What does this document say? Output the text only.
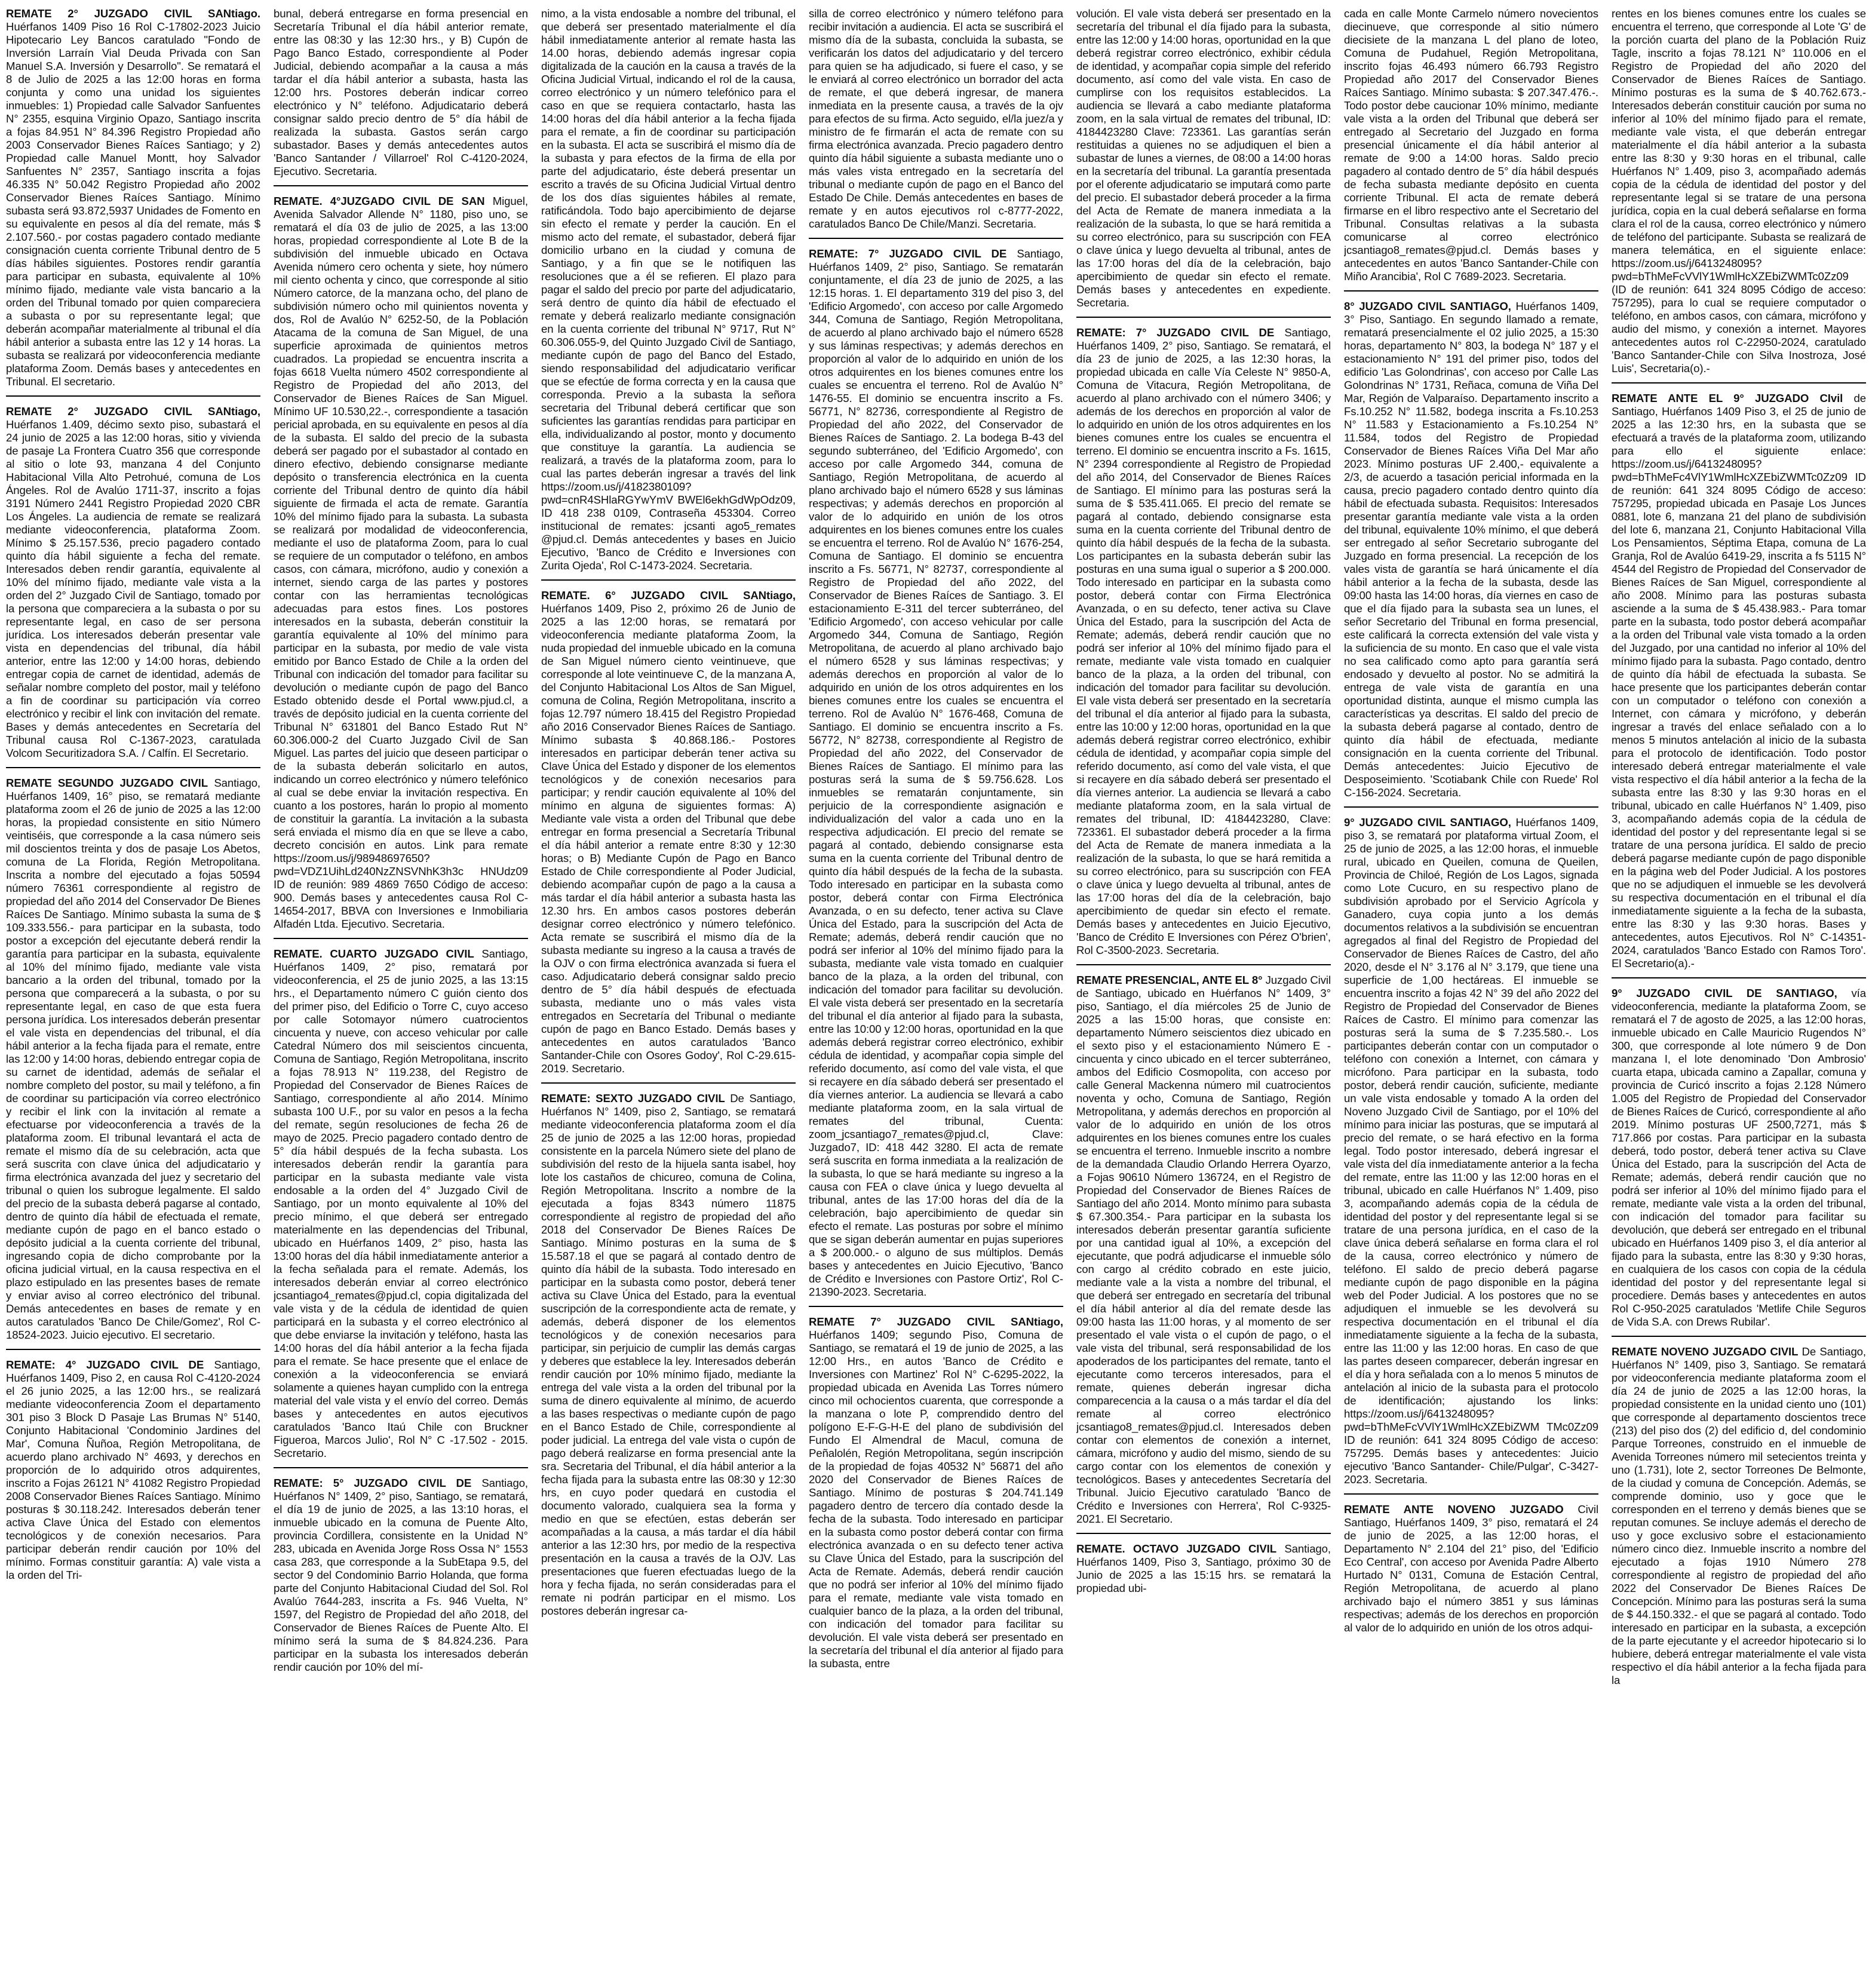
REMATE 2° JUZGADO CIVIL SANtiago. Huérfanos 1409 Piso 16 Rol C-17802-2023 Juicio Hipotecario Ley Bancos caratulado "Fondo de Inversión Larraín Vial Deuda Privada con San Manuel S.A. Inversión y Desarrollo". Se rematará el 8 de Julio de 2025 a las 12:00 horas en forma conjunta y como una unidad los siguientes inmuebles: 1) Propiedad calle Salvador Sanfuentes N° 2355, esquina Virginio Opazo, Santiago inscrita a fojas 84.951 N° 84.396 Registro Propiedad año 2003 Conservador Bienes Raíces Santiago; y 2) Propiedad calle Manuel Montt, hoy Salvador Sanfuentes N° 2357, Santiago inscrita a fojas 46.335 N° 50.042 Registro Propiedad año 2002 Conservador Bienes Raíces Santiago. Mínimo subasta será 93.872,5937 Unidades de Fomento en su equivalente en pesos al día del remate, más $ 2.107.560.- por costas pagadero contado mediante consignación cuenta corriente Tribunal dentro de 5 días hábiles siguientes. Postores rendir garantía para participar en subasta, equivalente al 10% mínimo fijado, mediante vale vista bancario a la orden del Tribunal tomado por quien compareciera a subasta o por su representante legal; que deberán acompañar materialmente al tribunal el día hábil anterior a subasta entre las 12 y 14 horas. La subasta se realizará por videoconferencia mediante plataforma Zoom. Demás bases y antecedentes en Tribunal. El secretario.

REMATE 2° JUZGADO CIVIL SANtiago, Huérfanos 1.409, décimo sexto piso, subastará el 24 junio de 2025 a las 12:00 horas, sitio y vivienda de pasaje La Frontera Cuatro 356 que corresponde al sitio o lote 93, manzana 4 del Conjunto Habitacional Villa Alto Petrohué, comuna de Los Ángeles. Rol de Avalúo 1711-37, inscrito a fojas 3191 Número 2441 Registro Propiedad 2020 CBR Los Ángeles. La audiencia de remate se realizará mediante videoconferencia, plataforma Zoom. Mínimo $ 25.157.536, precio pagadero contado quinto día hábil siguiente a fecha del remate. Interesados deben rendir garantía, equivalente al 10% del mínimo fijado, mediante vale vista a la orden del 2° Juzgado Civil de Santiago, tomado por la persona que compareciera a la subasta o por su representante legal, en caso de ser persona jurídica. Los interesados deberán presentar vale vista en dependencias del tribunal, día hábil anterior, entre las 12:00 y 14:00 horas, debiendo entregar copia de carnet de identidad, además de señalar nombre completo del postor, mail y teléfono a fin de coordinar su participación vía correo electrónico y recibir el link con invitación del remate. Bases y demás antecedentes en Secretaría del Tribunal causa Rol C-1367-2023, caratulada Volcom Securitizadora S.A. / Calfín. El Secretario.

REMATE SEGUNDO JUZGADO CIVIL Santiago, Huérfanos 1409, 16° piso, se rematará mediante plataforma zoom el 26 de junio de 2025 a las 12:00 horas, la propiedad consistente en sitio Número veintiséis, que corresponde a la casa número seis mil doscientos treinta y dos de pasaje Los Abetos, comuna de La Florida, Región Metropolitana. Inscrita a nombre del ejecutado a fojas 50594 número 76361 correspondiente al registro de propiedad del año 2014 del Conservador De Bienes Raíces De Santiago. Mínimo subasta la suma de $ 109.333.556.- para participar en la subasta, todo postor a excepción del ejecutante deberá rendir la garantía para participar en la subasta, equivalente al 10% del mínimo fijado, mediante vale vista bancario a la orden del tribunal, tomado por la persona que comparecerá a la subasta, o por su representante legal, en caso de que esta fuera persona jurídica. Los interesados deberán presentar el vale vista en dependencias del tribunal, el día hábil anterior a la fecha fijada para el remate, entre las 12:00 y 14:00 horas, debiendo entregar copia de su carnet de identidad, además de señalar el nombre completo del postor, su mail y teléfono, a fin de coordinar su participación vía correo electrónico y recibir el link con la invitación al remate a efectuarse por videoconferencia a través de la plataforma zoom. El tribunal levantará el acta de remate el mismo día de su celebración, acta que será suscrita con clave única del adjudicatario y firma electrónica avanzada del juez y secretario del tribunal o quien los subrogue legalmente. El saldo del precio de la subasta deberá pagarse al contado, dentro de quinto día hábil de efectuada el remate, mediante cupón de pago en el banco estado o depósito judicial a la cuenta corriente del tribunal, ingresando copia de dicho comprobante por la oficina judicial virtual, en la causa respectiva en el plazo estipulado en las presentes bases de remate y enviar aviso al correo electrónico del tribunal. Demás antecedentes en bases de remate y en autos caratulados 'Banco De Chile/Gomez', Rol C-18524-2023. Juicio ejecutivo. El secretario.

REMATE: 4° JUZGADO CIVIL DE Santiago, Huérfanos 1409, Piso 2, en causa Rol C-4120-2024 el 26 junio 2025, a las 12:00 hrs., se realizará mediante videoconferencia Zoom el departamento 301 piso 3 Block D Pasaje Las Brumas N° 5140, Conjunto Habitacional 'Condominio Jardines del Mar', Comuna Ñuñoa, Región Metropolitana, de acuerdo plano archivado N° 4693, y derechos en proporción de lo adquirido otros adquirentes, inscrito a Fojas 26121 N° 41082 Registro Propiedad 2008 Conservador Bienes Raíces Santiago. Mínimo posturas $ 30.118.242. Interesados deberán tener activa Clave Única del Estado con elementos tecnológicos y de conexión necesarios. Para participar deberán rendir caución por 10% del mínimo. Formas constituir garantía: A) vale vista a la orden del Tri-

bunal, deberá entregarse en forma presencial en Secretaría Tribunal el día hábil anterior remate, entre las 08:30 y las 12:30 hrs., y B) Cupón de Pago Banco Estado, correspondiente al Poder Judicial, debiendo acompañar a la causa a más tardar el día hábil anterior a subasta, hasta las 12:00 hrs. Postores deberán indicar correo electrónico y N° teléfono. Adjudicatario deberá consignar saldo precio dentro de 5° día hábil de realizada la subasta. Gastos serán cargo subastador. Bases y demás antecedentes autos 'Banco Santander / Villarroel' Rol C-4120-2024, Ejecutivo. Secretaria.

REMATE. 4°JUZGADO CIVIL DE SAN Miguel, Avenida Salvador Allende N° 1180, piso uno, se rematará el día 03 de julio de 2025, a las 13:00 horas, propiedad correspondiente al Lote B de la subdivisión del inmueble ubicado en Octava Avenida número cero ochenta y siete, hoy número mil ciento ochenta y cinco, que corresponde al sitio Número catorce, de la manzana ocho, del plano de subdivisión número ocho mil quinientos noventa y dos, Rol de Avalúo N° 6252-50, de la Población Atacama de la comuna de San Miguel, de una superficie aproximada de quinientos metros cuadrados. La propiedad se encuentra inscrita a fojas 6618 Vuelta número 4502 correspondiente al Registro de Propiedad del año 2013, del Conservador de Bienes Raíces de San Miguel. Mínimo UF 10.530,22.-, correspondiente a tasación pericial aprobada, en su equivalente en pesos al día de la subasta. El saldo del precio de la subasta deberá ser pagado por el subastador al contado en dinero efectivo, debiendo consignarse mediante depósito o transferencia electrónica en la cuenta corriente del Tribunal dentro de quinto día hábil siguiente de firmada el acta de remate. Garantía 10% del mínimo fijado para la subasta. La subasta se realizará por modalidad de videoconferencia, mediante el uso de plataforma Zoom, para lo cual se requiere de un computador o teléfono, en ambos casos, con cámara, micrófono, audio y conexión a internet, siendo carga de las partes y postores contar con las herramientas tecnológicas adecuadas para estos fines. Los postores interesados en la subasta, deberán constituir la garantía equivalente al 10% del mínimo para participar en la subasta, por medio de vale vista emitido por Banco Estado de Chile a la orden del Tribunal con indicación del tomador para facilitar su devolución o mediante cupón de pago del Banco Estado obtenido desde el Portal www.pjud.cl, a través de depósito judicial en la cuenta corriente del Tribunal N° 631801 del Banco Estado Rut N° 60.306.000-2 del Cuarto Juzgado Civil de San Miguel. Las partes del juicio que deseen participar o de la subasta deberán solicitarlo en autos, indicando un correo electrónico y número telefónico al cual se debe enviar la invitación respectiva. En cuanto a los postores, harán lo propio al momento de constituir la garantía. La invitación a la subasta será enviada el mismo día en que se lleve a cabo, decreto concisión en autos. Link para remate https://zoom.us/j/98948697650?pwd=VDZ1UihLd240NzZNSVNhK3h3c HNUdz09 ID de reunión: 989 4869 7650 Código de acceso: 900. Demás bases y antecedentes causa Rol C-14654-2017, BBVA con Inversiones e Inmobiliaria Alfadén Ltda. Ejecutivo. Secretaria.

REMATE. CUARTO JUZGADO CIVIL Santiago, Huérfanos 1409, 2° piso, rematará por videoconferencia, el 25 de junio 2025, a las 13:15 hrs., el Departamento número C guión ciento dos del primer piso, del Edificio o Torre C, cuyo acceso por calle Sotomayor número cuatrocientos cincuenta y nueve, con acceso vehicular por calle Catedral Número dos mil seiscientos cincuenta, Comuna de Santiago, Región Metropolitana, inscrito a fojas 78.913 N° 119.238, del Registro de Propiedad del Conservador de Bienes Raíces de Santiago, correspondiente al año 2014. Mínimo subasta 100 U.F., por su valor en pesos a la fecha del remate, según resoluciones de fecha 26 de mayo de 2025. Precio pagadero contado dentro de 5° día hábil después de la fecha subasta. Los interesados deberán rendir la garantía para participar en la subasta mediante vale vista endosable a la orden del 4° Juzgado Civil de Santiago, por un monto equivalente al 10% del precio mínimo, el que deberá ser entregado materialmente en las dependencias del Tribunal, ubicado en Huérfanos 1409, 2° piso, hasta las 13:00 horas del día hábil inmediatamente anterior a la fecha señalada para el remate. Además, los interesados deberán enviar al correo electrónico jcsantiago4_remates@pjud.cl, copia digitalizada del vale vista y de la cédula de identidad de quien participará en la subasta y el correo electrónico al que debe enviarse la invitación y teléfono, hasta las 14:00 horas del día hábil anterior a la fecha fijada para el remate. Se hace presente que el enlace de conexión a la videoconferencia se enviará solamente a quienes hayan cumplido con la entrega material del vale vista y el envío del correo. Demás bases y antecedentes en autos ejecutivos caratulados 'Banco Itaú Chile con Bruckner Figueroa, Marcos Julio', Rol N° C -17.502 - 2015. Secretario.

REMATE: 5° JUZGADO CIVIL DE Santiago, Huérfanos N° 1409, 2° piso, Santiago, se rematará, el día 19 de junio de 2025, a las 13:10 horas, el inmueble ubicado en la comuna de Puente Alto, provincia Cordillera, consistente en la Unidad N° 283, ubicada en Avenida Jorge Ross Ossa N° 1553 casa 283, que corresponde a la SubEtapa 9.5, del sector 9 del Condominio Barrio Holanda, que forma parte del Conjunto Habitacional Ciudad del Sol. Rol Avalúo 7644-283, inscrita a Fs. 946 Vuelta, N° 1597, del Registro de Propiedad del año 2018, del Conservador de Bienes Raíces de Puente Alto. El mínimo será la suma de $ 84.824.236. Para participar en la subasta los interesados deberán rendir caución por 10% del mí-

nimo, a la vista endosable a nombre del tribunal, el que deberá ser presentado materialmente el día hábil inmediatamente anterior al remate hasta las 14.00 horas, debiendo además ingresar copia digitalizada de la caución en la causa a través de la Oficina Judicial Virtual, indicando el rol de la causa, correo electrónico y un número telefónico para el caso en que se requiera contactarlo, hasta las 14:00 horas del día hábil anterior a la fecha fijada para el remate, a fin de coordinar su participación en la subasta. El acta se suscribirá el mismo día de la subasta y para efectos de la firma de ella por parte del adjudicatario, éste deberá presentar un escrito a través de su Oficina Judicial Virtual dentro de los dos días siguientes hábiles al remate, ratificándola. Todo bajo apercibimiento de dejarse sin efecto el remate y perder la caución. En el mismo acto del remate, el subastador, deberá fijar domicilio urbano en la ciudad y comuna de Santiago, y a fin que se le notifiquen las resoluciones que a él se refieren. El plazo para pagar el saldo del precio por parte del adjudicatario, será dentro de quinto día hábil de efectuado el remate y deberá realizarlo mediante consignación en la cuenta corriente del tribunal N° 9717, Rut N° 60.306.055-9, del Quinto Juzgado Civil de Santiago, mediante cupón de pago del Banco del Estado, siendo responsabilidad del adjudicatario verificar que se efectúe de forma correcta y en la causa que corresponda. Previo a la subasta la señora secretaria del Tribunal deberá certificar que son suficientes las garantías rendidas para participar en ella, individualizando al postor, monto y documento que constituye la garantía. La audiencia se realizará, a través de la plataforma zoom, para lo cual las partes deberán ingresar a través del link https://zoom.us/j/4182380109?pwd=cnR4SHlaRGYwYmV BWEl6ekhGdWpOdz09, ID 418 238 0109, Contraseña 453304. Correo institucional de remates: jcsanti ago5_remates @pjud.cl. Demás antecedentes y bases en Juicio Ejecutivo, 'Banco de Crédito e Inversiones con Zurita Ojeda', Rol C-1473-2024. Secretaria.

REMATE. 6° JUZGADO CIVIL SANtiago, Huérfanos 1409, Piso 2, próximo 26 de Junio de 2025 a las 12:00 horas, se rematará por videoconferencia mediante plataforma Zoom, la nuda propiedad del inmueble ubicado en la comuna de San Miguel número ciento veintinueve, que corresponde al lote veintinueve C, de la manzana A, del Conjunto Habitacional Los Altos de San Miguel, comuna de Colina, Región Metropolitana, inscrito a fojas 12.797 número 18.415 del Registro Propiedad año 2016 Conservador Bienes Raíces de Santiago. Mínimo subasta $ 40.868.186.- Postores interesados en participar deberán tener activa su Clave Única del Estado y disponer de los elementos tecnológicos y de conexión necesarios para participar; y rendir caución equivalente al 10% del mínimo en alguna de siguientes formas: A) Mediante vale vista a orden del Tribunal que debe entregar en forma presencial a Secretaría Tribunal el día hábil anterior a remate entre 8:30 y 12:30 horas; o B) Mediante Cupón de Pago en Banco Estado de Chile correspondiente al Poder Judicial, debiendo acompañar cupón de pago a la causa a más tardar el día hábil anterior a subasta hasta las 12.30 hrs. En ambos casos postores deberán designar correo electrónico y número telefónico. Acta remate se suscribirá el mismo día de la subasta mediante su ingreso a la causa a través de la OJV o con firma electrónica avanzada si fuera el caso. Adjudicatario deberá consignar saldo precio dentro de 5° día hábil después de efectuada subasta, mediante uno o más vales vista entregados en Secretaría del Tribunal o mediante cupón de pago en Banco Estado. Demás bases y antecedentes en autos caratulados 'Banco Santander-Chile con Osores Godoy', Rol C-29.615-2019. Secretario.

REMATE: SEXTO JUZGADO CIVIL De Santiago, Huérfanos N° 1409, piso 2, Santiago, se rematará mediante videoconferencia plataforma zoom el día 25 de junio de 2025 a las 12:00 horas, propiedad consistente en la parcela Número siete del plano de subdivisión del resto de la hijuela santa isabel, hoy lote los castaños de chicureo, comuna de Colina, Región Metropolitana. Inscrito a nombre de la ejecutada a fojas 8343 número 11875 correspondiente al registro de propiedad del año 2018 del Conservador De Bienes Raíces De Santiago. Mínimo posturas en la suma de $ 15.587.18 el que se pagará al contado dentro de quinto día hábil de la subasta. Todo interesado en participar en la subasta como postor, deberá tener activa su Clave Única del Estado, para la eventual suscripción de la correspondiente acta de remate, y además, deberá disponer de los elementos tecnológicos y de conexión necesarios para participar, sin perjuicio de cumplir las demás cargas y deberes que establece la ley. Interesados deberán rendir caución por 10% mínimo fijado, mediante la entrega del vale vista a la orden del tribunal por la suma de dinero equivalente al mínimo, de acuerdo a las bases respectivas o mediante cupón de pago en el Banco Estado de Chile, correspondiente al poder judicial. La entrega del vale vista o cupón de pago deberá realizarse en forma presencial ante la sra. Secretaria del Tribunal, el día hábil anterior a la fecha fijada para la subasta entre las 08:30 y 12:30 hrs, en cuyo poder quedará en custodia el documento valorado, cualquiera sea la forma y medio en que se efectúen, estas deberán ser acompañadas a la causa, a más tardar el día hábil anterior a las 12:30 hrs, por medio de la respectiva presentación en la causa a través de la OJV. Las presentaciones que fueren efectuadas luego de la hora y fecha fijada, no serán consideradas para el remate ni podrán participar en el mismo. Los postores deberán ingresar ca-

silla de correo electrónico y número teléfono para recibir invitación a audiencia. El acta se suscribirá el mismo día de la subasta, concluida la subasta, se verificarán los datos del adjudicatario y del tercero para quien se ha adjudicado, si fuere el caso, y se le enviará al correo electrónico un borrador del acta de remate, el que deberá ingresar, de manera inmediata en la presente causa, a través de la ojv para efectos de su firma. Acto seguido, el/la juez/a y ministro de fe firmarán el acta de remate con su firma electrónica avanzada. Precio pagadero dentro quinto día hábil siguiente a subasta mediante uno o más vales vista entregado en la secretaría del tribunal o mediante cupón de pago en el Banco del Estado De Chile. Demás antecedentes en bases de remate y en autos ejecutivos rol c-8777-2022, caratulados Banco De Chile/Manzi. Secretaria.

REMATE: 7° JUZGADO CIVIL DE Santiago, Huérfanos 1409, 2° piso, Santiago. Se rematarán conjuntamente, el día 23 de junio de 2025, a las 12:15 horas. 1. El departamento 319 del piso 3, del 'Edificio Argomedo', con acceso por calle Argomedo 344, Comuna de Santiago, Región Metropolitana, de acuerdo al plano archivado bajo el número 6528 y sus láminas respectivas; y además derechos en proporción al valor de lo adquirido en unión de los otros adquirentes en los bienes comunes entre los cuales se encuentra el terreno. Rol de Avalúo N° 1476-55. El dominio se encuentra inscrito a Fs. 56771, N° 82736, correspondiente al Registro de Propiedad del año 2022, del Conservador de Bienes Raíces de Santiago. 2. La bodega B-43 del segundo subterráneo, del 'Edificio Argomedo', con acceso por calle Argomedo 344, comuna de Santiago, Región Metropolitana, de acuerdo al plano archivado bajo el número 6528 y sus láminas respectivas; y además derechos en proporción al valor de lo adquirido en unión de los otros adquirentes en los bienes comunes entre los cuales se encuentra el terreno. Rol de Avalúo N° 1676-254, Comuna de Santiago. El dominio se encuentra inscrito a Fs. 56771, N° 82737, correspondiente al Registro de Propiedad del año 2022, del Conservador de Bienes Raíces de Santiago. 3. El estacionamiento E-311 del tercer subterráneo, del 'Edificio Argomedo', con acceso vehicular por calle Argomedo 344, Comuna de Santiago, Región Metropolitana, de acuerdo al plano archivado bajo el número 6528 y sus láminas respectivas; y además derechos en proporción al valor de lo adquirido en unión de los otros adquirentes en los bienes comunes entre los cuales se encuentra el terreno. Rol de Avalúo N° 1676-468, Comuna de Santiago. El dominio se encuentra inscrito a Fs. 56772, N° 82738, correspondiente al Registro de Propiedad del año 2022, del Conservador de Bienes Raíces de Santiago. El mínimo para las posturas será la suma de $ 59.756.628. Los inmuebles se rematarán conjuntamente, sin perjuicio de la correspondiente asignación e individualización del valor a cada uno en la respectiva adjudicación. El precio del remate se pagará al contado, debiendo consignarse esta suma en la cuenta corriente del Tribunal dentro de quinto día hábil después de la fecha de la subasta. Todo interesado en participar en la subasta como postor, deberá contar con Firma Electrónica Avanzada, o en su defecto, tener activa su Clave Única del Estado, para la suscripción del Acta de Remate; además, deberá rendir caución que no podrá ser inferior al 10% del mínimo fijado para la subasta, mediante vale vista tomado en cualquier banco de la plaza, a la orden del tribunal, con indicación del tomador para facilitar su devolución. El vale vista deberá ser presentado en la secretaría del tribunal el día anterior al fijado para la subasta, entre las 10:00 y 12:00 horas, oportunidad en la que además deberá registrar correo electrónico, exhibir cédula de identidad, y acompañar copia simple del referido documento, así como del vale vista, el que si recayere en día sábado deberá ser presentado el día viernes anterior. La audiencia se llevará a cabo mediante plataforma zoom, en la sala virtual de remates del tribunal, Cuenta: zoom_jcsantiago7_remates@pjud.cl, Clave: Juzgado7, ID: 418 442 3280. El acta de remate será suscrita en forma inmediata a la realización de la subasta, lo que se hará mediante su ingreso a la causa con FEA o clave única y luego devuelta al tribunal, antes de las 17:00 horas del día de la celebración, bajo apercibimiento de quedar sin efecto el remate. Las posturas por sobre el mínimo que se sigan deberán aumentar en pujas superiores a $ 200.000.- o alguno de sus múltiplos. Demás bases y antecedentes en Juicio Ejecutivo, 'Banco de Crédito e Inversiones con Pastore Ortiz', Rol C-21390-2023. Secretaria.

REMATE 7° JUZGADO CIVIL SANtiago, Huérfanos 1409; segundo Piso, Comuna de Santiago, se rematará el 19 de junio de 2025, a las 12:00 Hrs., en autos 'Banco de Crédito e Inversiones con Martinez' Rol N° C-6295-2022, la propiedad ubicada en Avenida Las Torres número cinco mil ochocientos cuarenta, que corresponde a la manzana o lote P, comprendido dentro del polígono E-F-G-H-E del plano de subdivisión del Fundo El Almendral de Macul, comuna de Peñalolén, Región Metropolitana, según inscripción de la propiedad de fojas 40532 N° 56871 del año 2020 del Conservador de Bienes Raíces de Santiago. Mínimo de posturas $ 204.741.149 pagadero dentro de tercero día contado desde la fecha de la subasta. Todo interesado en participar en la subasta como postor deberá contar con firma electrónica avanzada o en su defecto tener activa su Clave Única del Estado, para la suscripción del Acta de Remate. Además, deberá rendir caución que no podrá ser inferior al 10% del mínimo fijado para el remate, mediante vale vista tomado en cualquier banco de la plaza, a la orden del tribunal, con indicación del tomador para facilitar su devolución. El vale vista deberá ser presentado en la secretaría del tribunal el día anterior al fijado para la subasta, entre

volución. El vale vista deberá ser presentado en la secretaría del tribunal el día fijado para la subasta, entre las 12:00 y 14:00 horas, oportunidad en la que deberá registrar correo electrónico, exhibir cédula de identidad, y acompañar copia simple del referido documento, así como del vale vista. En caso de cumplirse con los requisitos establecidos. La audiencia se llevará a cabo mediante plataforma zoom, en la sala virtual de remates del tribunal, ID: 4184423280 Clave: 723361. Las garantías serán restituidas a quienes no se adjudiquen el bien a subastar de lunes a viernes, de 08:00 a 14:00 horas en la secretaría del tribunal. La garantía presentada por el oferente adjudicatario se imputará como parte del precio. El subastador deberá proceder a la firma del Acta de Remate de manera inmediata a la realización de la subasta, lo que se hará remitida a su correo electrónico, para su suscripción con FEA o clave única y luego devuelta al tribunal, antes de las 17:00 horas del día de la celebración, bajo apercibimiento de quedar sin efecto el remate. Demás bases y antecedentes en expediente. Secretaria.

REMATE: 7° JUZGADO CIVIL DE Santiago, Huérfanos 1409, 2° piso, Santiago. Se rematará, el día 23 de junio de 2025, a las 12:30 horas, la propiedad ubicada en calle Vía Celeste N° 9850-A, Comuna de Vitacura, Región Metropolitana, de acuerdo al plano archivado con el número 3406; y además de los derechos en proporción al valor de lo adquirido en unión de los otros adquirentes en los bienes comunes entre los cuales se encuentra el terreno. El dominio se encuentra inscrito a Fs. 1615, N° 2394 correspondiente al Registro de Propiedad del año 2014, del Conservador de Bienes Raíces de Santiago. El mínimo para las posturas será la suma de $ 535.411.065. El precio del remate se pagará al contado, debiendo consignarse esta suma en la cuenta corriente del Tribunal dentro de quinto día hábil después de la fecha de la subasta. Los participantes en la subasta deberán subir las posturas en una suma igual o superior a $ 200.000. Todo interesado en participar en la subasta como postor, deberá contar con Firma Electrónica Avanzada, o en su defecto, tener activa su Clave Única del Estado, para la suscripción del Acta de Remate; además, deberá rendir caución que no podrá ser inferior al 10% del mínimo fijado para el remate, mediante vale vista tomado en cualquier banco de la plaza, a la orden del tribunal, con indicación del tomador para facilitar su devolución. El vale vista deberá ser presentado en la secretaría del tribunal el día anterior al fijado para la subasta, entre las 10:00 y 12:00 horas, oportunidad en la que además deberá registrar correo electrónico, exhibir cédula de identidad, y acompañar copia simple del referido documento, así como del vale vista, el que si recayere en día sábado deberá ser presentado el día viernes anterior. La audiencia se llevará a cabo mediante plataforma zoom, en la sala virtual de remates del tribunal, ID: 4184423280, Clave: 723361. El subastador deberá proceder a la firma del Acta de Remate de manera inmediata a la realización de la subasta, lo que se hará remitida a su correo electrónico, para su suscripción con FEA o clave única y luego devuelta al tribunal, antes de las 17:00 horas del día de la celebración, bajo apercibimiento de quedar sin efecto el remate. Demás bases y antecedentes en Juicio Ejecutivo, 'Banco de Crédito E Inversiones con Pérez O'brien', Rol C-3500-2023. Secretaria.

REMATE PRESENCIAL, ANTE EL 8° Juzgado Civil de Santiago, ubicado en Huérfanos N° 1409, 3° piso, Santiago, el día miércoles 25 de Junio de 2025 a las 15:00 horas, que consiste en: departamento Número seiscientos diez ubicado en el sexto piso y el estacionamiento Número E - cincuenta y cinco ubicado en el tercer subterráneo, ambos del Edificio Cosmopolita, con acceso por calle General Mackenna número mil cuatrocientos noventa y ocho, Comuna de Santiago, Región Metropolitana, y además derechos en proporción al valor de lo adquirido en unión de los otros adquirentes en los bienes comunes entre los cuales se encuentra el terreno. Inmueble inscrito a nombre de la demandada Claudio Orlando Herrera Oyarzo, a Fojas 90610 Número 136724, en el Registro de Propiedad del Conservador de Bienes Raíces de Santiago del año 2014. Monto mínimo para subasta $ 67.300.354.- Para participar en la subasta los interesados deberán presentar garantía suficiente por una cantidad igual al 10%, a excepción del ejecutante, que podrá adjudicarse el inmueble sólo con cargo al crédito cobrado en este juicio, mediante vale a la vista a nombre del tribunal, el que deberá ser entregado en secretaría del tribunal el día hábil anterior al día del remate desde las 09:00 hasta las 11:00 horas, y al momento de ser presentado el vale vista o el cupón de pago, o el vale vista del tribunal, será responsabilidad de los apoderados de los participantes del remate, tanto el ejecutante como terceros interesados, para el remate, quienes deberán ingresar dicha comparecencia a la causa o a más tardar el día del remate al correo electrónico jcsantiago8_remates@pjud.cl. Interesados deben contar con elementos de conexión a internet, cámara, micrófono y audio del mismo, siendo de su cargo contar con los elementos de conexión y tecnológicos. Bases y antecedentes Secretaría del Tribunal. Juicio Ejecutivo caratulado 'Banco de Crédito e Inversiones con Herrera', Rol C-9325-2021. El Secretario.

REMATE. OCTAVO JUZGADO CIVIL Santiago, Huérfanos 1409, Piso 3, Santiago, próximo 30 de Junio de 2025 a las 15:15 hrs. se rematará la propiedad ubi-

cada en calle Monte Carmelo número novecientos diecinueve, que corresponde al sitio número diecisiete de la manzana L del plano de loteo, Comuna de Pudahuel, Región Metropolitana, inscrito fojas 46.493 número 66.793 Registro Propiedad año 2017 del Conservador Bienes Raíces Santiago. Mínimo subasta: $ 207.347.476.-. Todo postor debe caucionar 10% mínimo, mediante vale vista a la orden del Tribunal que deberá ser entregado al Secretario del Juzgado en forma presencial únicamente el día hábil anterior al remate de 9:00 a 14:00 horas. Saldo precio pagadero al contado dentro de 5° día hábil después de fecha subasta mediante depósito en cuenta corriente Tribunal. El acta de remate deberá firmarse en el libro respectivo ante el Secretario del Tribunal. Consultas relativas a la subasta comunicarse al correo electrónico jcsantiago8_remates@pjud.cl. Demás bases y antecedentes en autos 'Banco Santander-Chile con Miño Arancibia', Rol C 7689-2023. Secretaria.

8° JUZGADO CIVIL SANTIAGO, Huérfanos 1409, 3° Piso, Santiago. En segundo llamado a remate, rematará presencialmente el 02 julio 2025, a 15:30 horas, departamento N° 803, la bodega N° 187 y el estacionamiento N° 191 del primer piso, todos del edificio 'Las Golondrinas', con acceso por Calle Las Golondrinas N° 1731, Reñaca, comuna de Viña Del Mar, Región de Valparaíso. Departamento inscrito a Fs.10.252 N° 11.582, bodega inscrita a Fs.10.253 N° 11.583 y Estacionamiento a Fs.10.254 N° 11.584, todos del Registro de Propiedad Conservador de Bienes Raíces Viña Del Mar año 2023. Mínimo posturas UF 2.400,- equivalente a 2/3, de acuerdo a tasación pericial informada en la causa, precio pagadero contado dentro quinto día hábil de efectuada subasta. Requisitos: Interesados presentar garantía mediante vale vista a la orden del tribunal, equivalente 10% mínimo, el que deberá ser entregado al señor Secretario subrogante del Juzgado en forma presencial. La recepción de los vales vista de garantía se hará únicamente el día hábil anterior a la fecha de la subasta, desde las 09:00 hasta las 14:00 horas, día viernes en caso de que el día fijado para la subasta sea un lunes, el señor Secretario del Tribunal en forma presencial, este calificará la correcta extensión del vale vista y la suficiencia de su monto. En caso que el vale vista no sea calificado como apto para garantía será endosado y devuelto al postor. No se admitirá la entrega de vale vista de garantía en una oportunidad distinta, aunque el mismo cumpla las características ya descritas. El saldo del precio de la subasta deberá pagarse al contado, dentro de quinto día hábil de efectuada, mediante consignación en la cuenta corriente del Tribunal. Demás antecedentes: Juicio Ejecutivo de Desposeimiento. 'Scotiabank Chile con Ruede' Rol C-156-2024. Secretaria.

9° JUZGADO CIVIL SANTIAGO, Huérfanos 1409, piso 3, se rematará por plataforma virtual Zoom, el 25 de junio de 2025, a las 12:00 horas, el inmueble rural, ubicado en Queilen, comuna de Queilen, Provincia de Chiloé, Región de Los Lagos, signada como Lote Cucuro, en su respectivo plano de subdivisión aprobado por el Servicio Agrícola y Ganadero, cuya copia junto a los demás documentos relativos a la subdivisión se encuentran agregados al final del Registro de Propiedad del Conservador de Bienes Raíces de Castro, del año 2020, desde el N° 3.176 al N° 3.179, que tiene una superficie de 1,00 hectáreas. El inmueble se encuentra inscrito a fojas 42 N° 39 del año 2022 del Registro de Propiedad del Conservador de Bienes Raíces de Castro. El mínimo para comenzar las posturas será la suma de $ 7.235.580.-. Los participantes deberán contar con un computador o teléfono con conexión a Internet, con cámara y micrófono. Para participar en la subasta, todo postor, deberá rendir caución, suficiente, mediante un vale vista endosable y tomado A la orden del Noveno Juzgado Civil de Santiago, por el 10% del mínimo para iniciar las posturas, que se imputará al precio del remate, o se hará efectivo en la forma legal. Todo postor interesado, deberá ingresar el vale vista del día inmediatamente anterior a la fecha del remate, entre las 11:00 y las 12:00 horas en el tribunal, ubicado en calle Huérfanos N° 1.409, piso 3, acompañando además copia de la cédula de identidad del postor y del representante legal si se tratare de una persona jurídica, en el caso de la clave única deberá señalarse en forma clara el rol de la causa, correo electrónico y número de teléfono. El saldo de precio deberá pagarse mediante cupón de pago disponible en la página web del Poder Judicial. A los postores que no se adjudiquen el inmueble se les devolverá su respectiva documentación en el tribunal el día inmediatamente siguiente a la fecha de la subasta, entre las 11:00 y las 12:00 horas. En caso de que las partes deseen comparecer, deberán ingresar en el día y hora señalada con a lo menos 5 minutos de antelación al inicio de la subasta para el protocolo de identificación; ajustando los links: https://zoom.us/j/6413248095?pwd=bThMeFcVVlY1WmlHcXZEbiZWM TMc0Zz09 ID de reunión: 641 324 8095 Código de acceso: 757295. Demás bases y antecedentes: Juicio ejecutivo 'Banco Santander- Chile/Pulgar', C-3427-2023. Secretaria.

REMATE ANTE NOVENO JUZGADO Civil Santiago, Huérfanos 1409, 3° piso, rematará el 24 de junio de 2025, a las 12:00 horas, el Departamento N° 2.104 del 21° piso, del 'Edificio Eco Central', con acceso por Avenida Padre Alberto Hurtado N° 0131, Comuna de Estación Central, Región Metropolitana, de acuerdo al plano archivado bajo el número 3851 y sus láminas respectivas; además de los derechos en proporción al valor de lo adquirido en unión de los otros adqui-

rentes en los bienes comunes entre los cuales se encuentra el terreno, que corresponde al Lote 'G' de la porción cuarta del plano de la Población Ruiz Tagle, inscrito a fojas 78.121 N° 110.006 en el Registro de Propiedad del año 2020 del Conservador de Bienes Raíces de Santiago. Mínimo posturas es la suma de $ 40.762.673.- Interesados deberán constituir caución por suma no inferior al 10% del mínimo fijado para el remate, mediante vale vista, el que deberán entregar materialmente el día hábil anterior a la subasta entre las 8:30 y 9:30 horas en el tribunal, calle Huérfanos N° 1.409, piso 3, acompañado además copia de la cédula de identidad del postor y del representante legal si se tratare de una persona jurídica, copia en la cual deberá señalarse en forma clara el rol de la causa, correo electrónico y número de teléfono del participante. Subasta se realizará de manera telemática, en el siguiente enlace: https://zoom.us/j/6413248095?pwd=bThMeFcVVlY1WmlHcXZEbiZWMTc0Zz09 (ID de reunión: 641 324 8095 Código de acceso: 757295), para lo cual se requiere computador o teléfono, en ambos casos, con cámara, micrófono y audio del mismo, y conexión a internet. Mayores antecedentes autos rol C-22950-2024, caratulado 'Banco Santander-Chile con Silva Inostroza, José Luis', Secretaria(o).-

REMATE ANTE EL 9° JUZGADO CIvil de Santiago, Huérfanos 1409 Piso 3, el 25 de junio de 2025 a las 12:30 hrs, en la subasta que se efectuará a través de la plataforma zoom, utilizando para ello el siguiente enlace: https://zoom.us/j/6413248095?pwd=bThMeFc4VlY1WmlHcXZEbiZWMTc0Zz09 ID de reunión: 641 324 8095 Código de acceso: 757295, propiedad ubicada en Pasaje Los Junces 0881, lote 6, manzana 21 del plano de subdivisión del lote 6, manzana 21, Conjunto Habitacional Villa Los Pensamientos, Séptima Etapa, comuna de La Granja, Rol de Avalúo 6419-29, inscrita a fs 5115 N° 4544 del Registro de Propiedad del Conservador de Bienes Raíces de San Miguel, correspondiente al año 2008. Mínimo para las posturas subasta asciende a la suma de $ 45.438.983.- Para tomar parte en la subasta, todo postor deberá acompañar a la orden del Tribunal vale vista tomado a la orden del Juzgado, por una cantidad no inferior al 10% del mínimo fijado para la subasta. Pago contado, dentro de quinto día hábil de efectuada la subasta. Se hace presente que los participantes deberán contar con un computador o teléfono con conexión a Internet, con cámara y micrófono, y deberán ingresar a través del enlace señalado con a lo menos 5 minutos antelación al inicio de la subasta para el protocolo de identificación. Todo postor interesado deberá entregar materialmente el vale vista respectivo el día hábil anterior a la fecha de la subasta entre las 8:30 y las 9:30 horas en el tribunal, ubicado en calle Huérfanos N° 1.409, piso 3, acompañando además copia de la cédula de identidad del postor y del representante legal si se tratare de una persona jurídica. El saldo de precio deberá pagarse mediante cupón de pago disponible en la página web del Poder Judicial. A los postores que no se adjudiquen el inmueble se les devolverá su respectiva documentación en el tribunal el día inmediatamente siguiente a la fecha de la subasta, entre las 8:30 y las 9:30 horas. Bases y antecedentes, autos Ejecutivos. Rol N° C-14351-2024, caratulados 'Banco Estado con Ramos Toro'. El Secretario(a).-

9° JUZGADO CIVIL DE SANTIAGO, vía videoconferencia, mediante la plataforma Zoom, se rematará el 7 de agosto de 2025, a las 12:00 horas, inmueble ubicado en Calle Mauricio Rugendos N° 300, que corresponde al lote número 9 de Don manzana I, el lote denominado 'Don Ambrosio' cuarta etapa, ubicada camino a Zapallar, comuna y provincia de Curicó inscrito a fojas 2.128 Número 1.005 del Registro de Propiedad del Conservador de Bienes Raíces de Curicó, correspondiente al año 2019. Mínimo posturas UF 2500,7271, más $ 717.866 por costas. Para participar en la subasta deberá, todo postor, deberá tener activa su Clave Única del Estado, para la suscripción del Acta de Remate; además, deberá rendir caución que no podrá ser inferior al 10% del mínimo fijado para el remate, mediante vale vista a la orden del tribunal, con indicación del tomador para facilitar su devolución, que deberá ser entregado en el tribunal ubicado en Huérfanos 1409 piso 3, el día anterior al fijado para la subasta, entre las 8:30 y 9:30 horas, en cualquiera de los casos con copia de la cédula identidad del postor y del representante legal si procediere. Demás bases y antecedentes en autos Rol C-950-2025 caratulados 'Metlife Chile Seguros de Vida S.A. con Drews Rubilar'.

REMATE NOVENO JUZGADO CIVIL De Santiago, Huérfanos N° 1409, piso 3, Santiago. Se rematará por videoconferencia mediante plataforma zoom el día 24 de junio de 2025 a las 12:00 horas, la propiedad consistente en la unidad ciento uno (101) que corresponde al departamento doscientos trece (213) del piso dos (2) del edificio d, del condominio Parque Torreones, construido en el inmueble de Avenida Torreones número mil setecientos treinta y uno (1.731), lote 2, sector Torreones De Belmonte, de la ciudad y comuna de Concepción. Además, se comprende dominio, uso y goce que le corresponden en el terreno y demás bienes que se reputan comunes. Se incluye además el derecho de uso y goce exclusivo sobre el estacionamiento número cinco diez. Inmueble inscrito a nombre del ejecutado a fojas 1910 Número 278 correspondiente al registro de propiedad del año 2022 del Conservador De Bienes Raíces De Concepción. Mínimo para las posturas será la suma de $ 44.150.332.- el que se pagará al contado. Todo interesado en participar en la subasta, a excepción de la parte ejecutante y el acreedor hipotecario si lo hubiere, deberá entregar materialmente el vale vista respectivo el día hábil anterior a la fecha fijada para la
